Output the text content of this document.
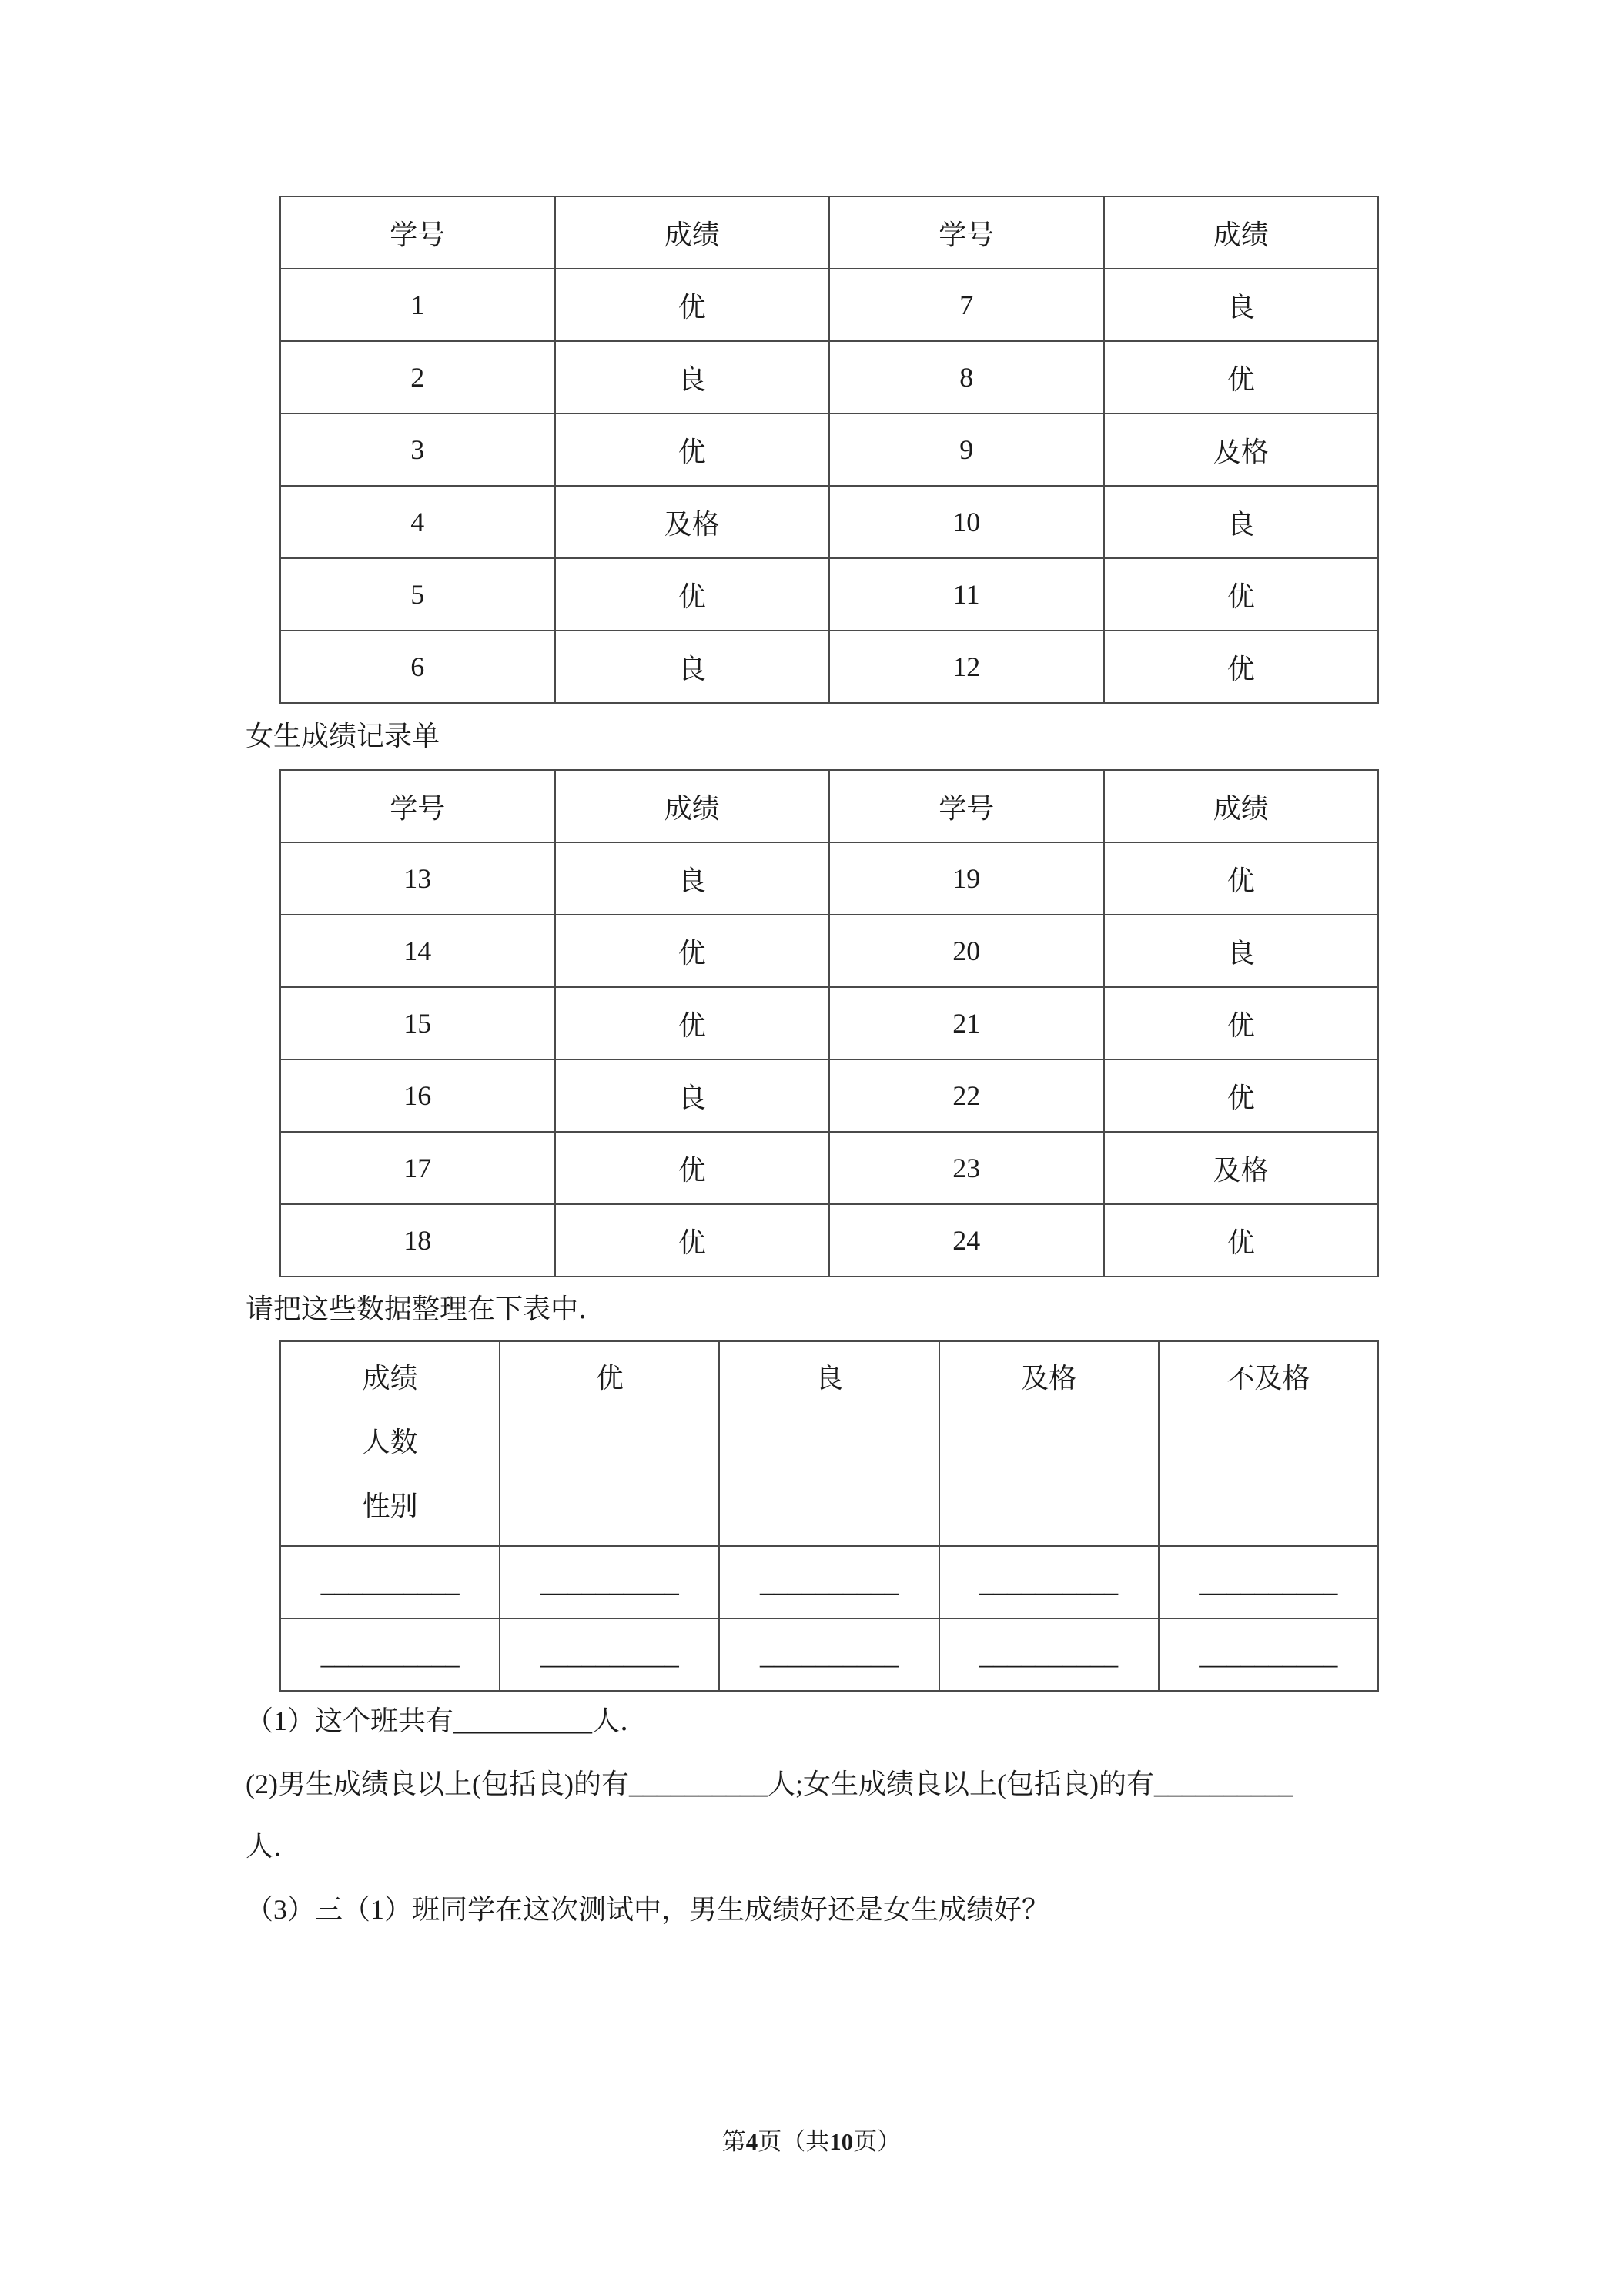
学号	成绩	学号	成绩
1	优	7	良
2	良	8	优
3	优	9	及格
4	及格	10	良
5	优	11	优
6	良	12	优
女生成绩记录单
学号	成绩	学号	成绩
13	良	19	优
14	优	20	良
15	优	21	优
16	良	22	优
17	优	23	及格
18	优	24	优
请把这些数据整理在下表中．
成绩
人数
性别	优	良	及格	不及格
__________	__________	__________	__________	__________
__________	__________	__________	__________	__________
（1）这个班共有__________人．
(2)男生成绩良以上(包括良)的有__________人;女生成绩良以上(包括良)的有__________
人．
（3）三（1）班同学在这次测试中，男生成绩好还是女生成绩好？
第4页（共10页）
